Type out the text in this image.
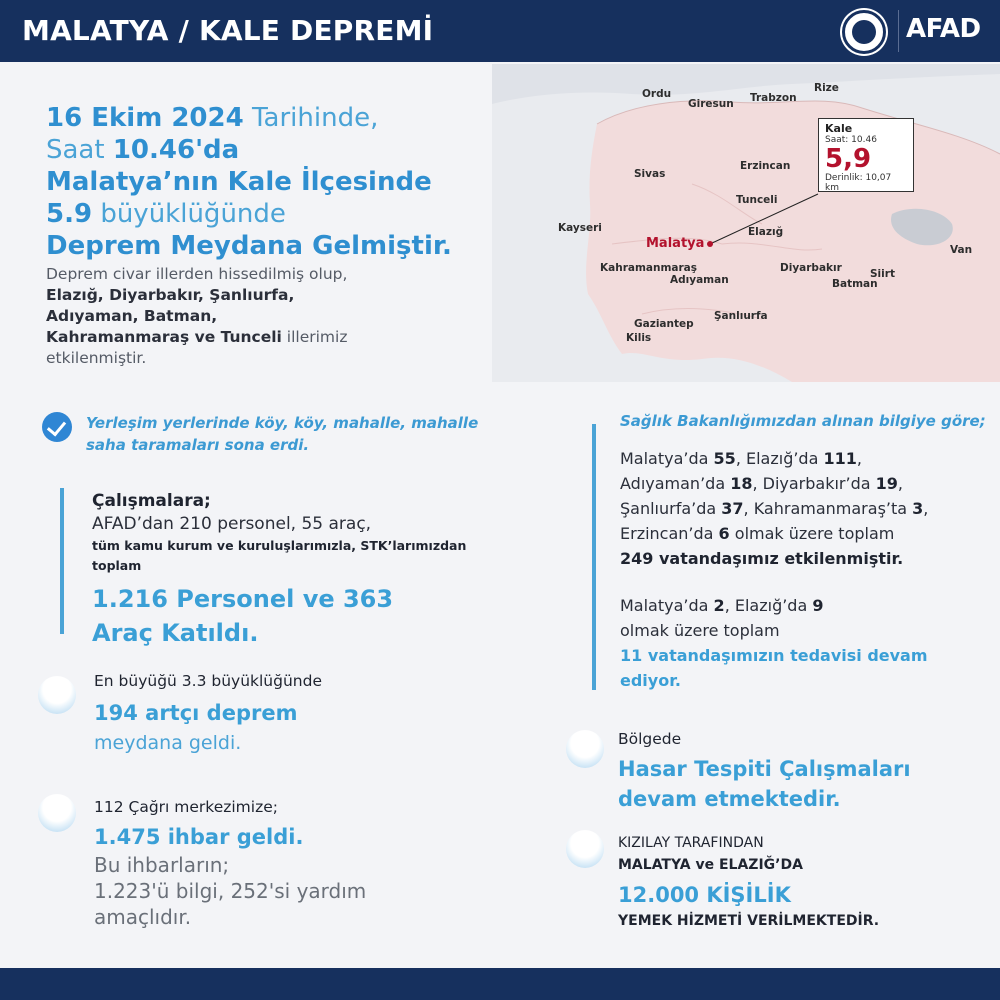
MALATYA / KALE DEPREMİ	AFAD
16 Ekim 2024 Tarihinde,
Saat 10.46'da
Malatya’nın Kale İlçesinde
5.9 büyüklüğünde
Deprem Meydana Gelmiştir.
Deprem civar illerden hissedilmiş olup,
Elazığ, Diyarbakır, Şanlıurfa,
Adıyaman, Batman,
Kahramanmaraş ve Tunceli illerimiz
etkilenmiştir.
Ordu
Giresun Trabzon
Rize
Sivas
Erzincan
Tunceli
Kayseri
Malatya
Elazığ
Kahramanmaraş
Adıyaman
Diyarbakır	Siirt
Batman
Van
Gaziantep
Kilis
Şanlıurfa
Kale
Saat: 10.46
5,9
Derinlik: 10,07 km
Yerleşim yerlerinde köy, köy, mahalle, mahalle saha taramaları sona erdi.
Çalışmalara;
AFAD’dan 210 personel, 55 araç,
tüm kamu kurum ve kuruluşlarımızla, STK’larımızdan
toplam
1.216 Personel ve 363 Araç Katıldı.
En büyüğü 3.3 büyüklüğünde
194 artçı deprem
meydana geldi.
112 Çağrı merkezimize;
1.475 ihbar geldi.
Bu ihbarların;
1.223'ü bilgi, 252'si yardım
amaçlıdır.
Sağlık Bakanlığımızdan alınan bilgiye göre;
Malatya’da 55, Elazığ’da 111,
Adıyaman’da 18, Diyarbakır’da 19,
Şanlıurfa’da 37, Kahramanmaraş’ta 3,
Erzincan’da 6 olmak üzere toplam
249 vatandaşımız etkilenmiştir.
Malatya’da 2, Elazığ’da 9
olmak üzere toplam
11 vatandaşımızın tedavisi devam ediyor.
Bölgede
Hasar Tespiti Çalışmaları devam etmektedir.
KIZILAY TARAFINDAN
MALATYA ve ELAZIĞ’DA
12.000 KİŞİLİK
YEMEK HİZMETİ VERİLMEKTEDİR.
